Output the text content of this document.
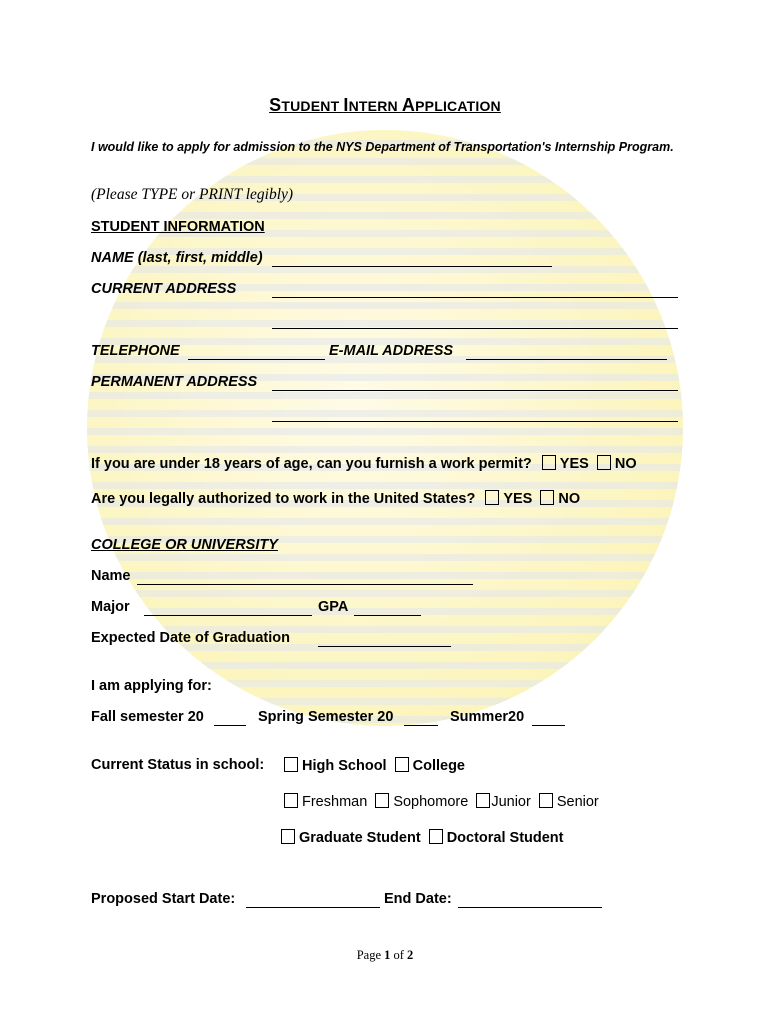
STUDENT INTERN APPLICATION
I would like to apply for admission to the NYS Department of Transportation's Internship Program.
(Please TYPE or PRINT legibly)
STUDENT INFORMATION
NAME (last, first, middle)
CURRENT ADDRESS
TELEPHONE	E-MAIL ADDRESS
PERMANENT ADDRESS
If you are under 18 years of age, can you furnish a work permit? YES NO
Are you legally authorized to work in the United States? YES NO
COLLEGE OR UNIVERSITY
Name
Major	GPA
Expected Date of Graduation
I am applying for:
Fall semester 20	Spring Semester 20	Summer20
Current Status in school:	High School College
Freshman Sophomore Junior Senior
Graduate Student Doctoral Student
Proposed Start Date:	End Date:
Page 1 of 2
